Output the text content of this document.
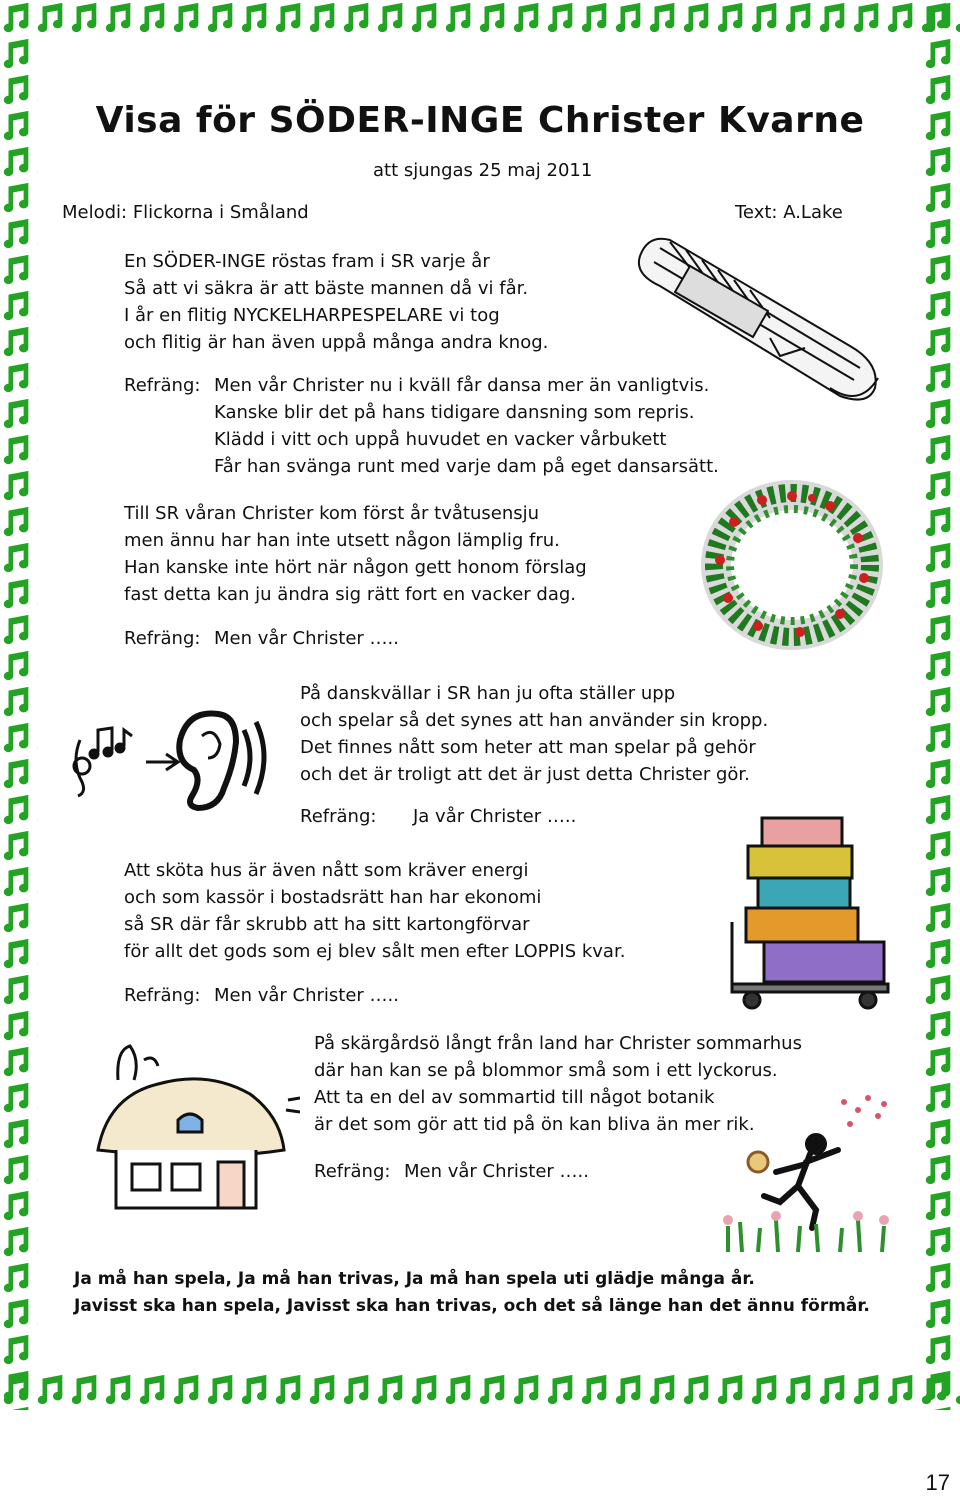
Visa för SÖDER-INGE Christer Kvarne
att sjungas 25 maj 2011
Melodi: Flickorna i Småland	Text: A.Lake
En SÖDER-INGE röstas fram i SR varje år
Så att vi säkra är att bäste mannen då vi får.
I år en flitig NYCKELHARPESPELARE vi tog
och flitig är han även uppå många andra knog.
Refräng: Men vår Christer nu i kväll får dansa mer än vanligtvis.
Kanske blir det på hans tidigare dansning som repris.
Klädd i vitt och uppå huvudet en vacker vårbukett
Får han svänga runt med varje dam på eget dansarsätt.
Till SR våran Christer kom först år tvåtusensju
men ännu har han inte utsett någon lämplig fru.
Han kanske inte hört när någon gett honom förslag
fast detta kan ju ändra sig rätt fort en vacker dag.
Refräng: Men vår Christer …..
På danskvällar i SR han ju ofta ställer upp
och spelar så det synes att han använder sin kropp.
Det finnes nått som heter att man spelar på gehör
och det är troligt att det är just detta Christer gör.
Refräng: Ja vår Christer …..
Att sköta hus är även nått som kräver energi
och som kassör i bostadsrätt han har ekonomi
så SR där får skrubb att ha sitt kartongförvar
för allt det gods som ej blev sålt men efter LOPPIS kvar.
Refräng: Men vår Christer …..
På skärgårdsö långt från land har Christer sommarhus
där han kan se på blommor små som i ett lyckorus.
Att ta en del av sommartid till något botanik
är det som gör att tid på ön kan bliva än mer rik.
Refräng: Men vår Christer …..
Ja må han spela, Ja må han trivas, Ja må han spela uti glädje många år.
Javisst ska han spela, Javisst ska han trivas, och det så länge han det ännu förmår.
17
